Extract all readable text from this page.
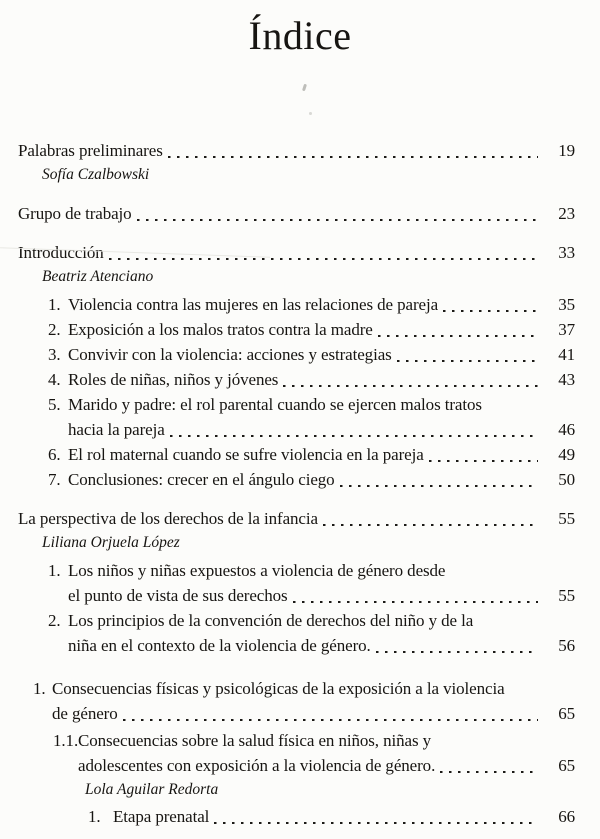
Índice
Palabras preliminares	19
Sofía Czalbowski
Grupo de trabajo	23
Introducción	33
Beatriz Atenciano
1. Violencia contra las mujeres en las relaciones de pareja	35
2. Exposición a los malos tratos contra la madre	37
3. Convivir con la violencia: acciones y estrategias	41
4. Roles de niñas, niños y jóvenes	43
5. Marido y padre: el rol parental cuando se ejercen malos tratos
hacia la pareja	46
6. El rol maternal cuando se sufre violencia en la pareja	49
7. Conclusiones: crecer en el ángulo ciego	50
La perspectiva de los derechos de la infancia	55
Liliana Orjuela López
1. Los niños y niñas expuestos a violencia de género desde
el punto de vista de sus derechos	55
2. Los principios de la convención de derechos del niño y de la
niña en el contexto de la violencia de género.	56
1. Consecuencias físicas y psicológicas de la exposición a la violencia
de género	65
1.1. Consecuencias sobre la salud física en niños, niñas y
adolescentes con exposición a la violencia de género.	65
Lola Aguilar Redorta
1. Etapa prenatal	66
